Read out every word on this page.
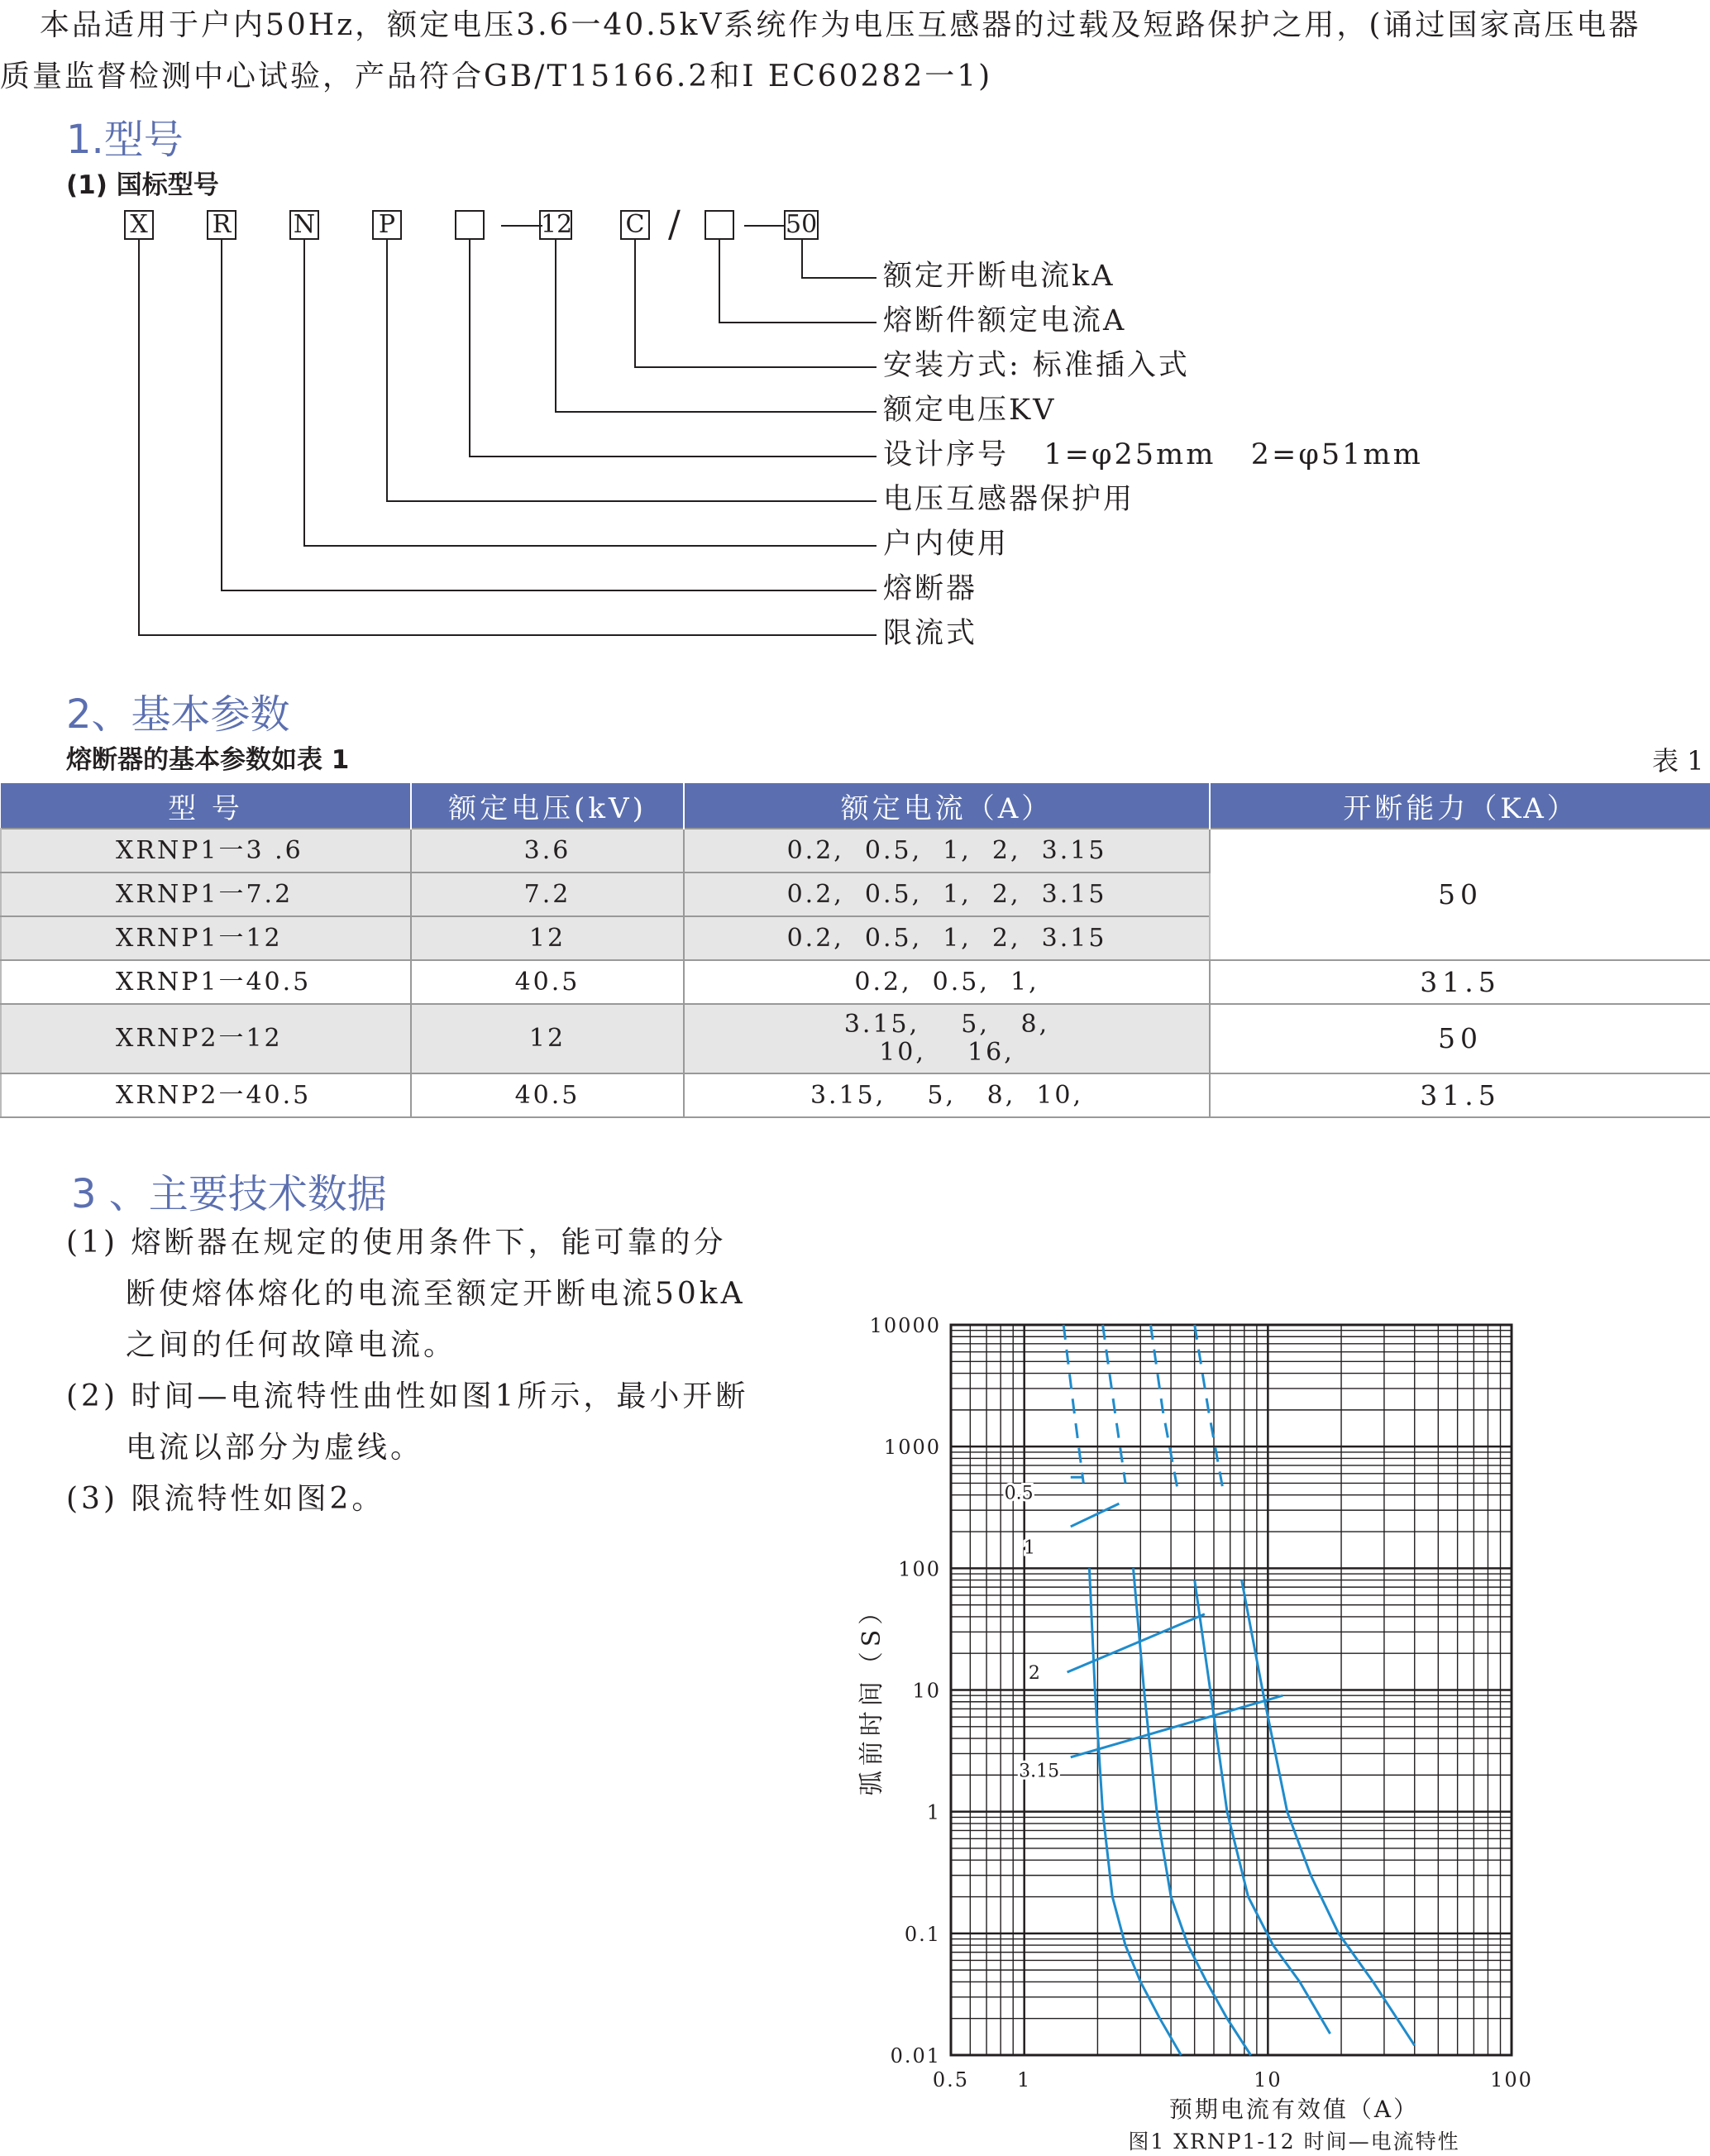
本品适用于户内50Hz，额定电压3.6一40.5kV系统作为电压互感器的过载及短路保护之用，(诵过国家高压电器

质量监督检测中心试验，产品符合GB/T15166.2和I EC60282一1)

1.型号
(1) 国标型号
X	R	N	P	12 C /	50
额定开断电流kA
熔断件额定电流A
安装方式: 标准插入式
额定电压KV
设计序号   1=φ25mm   2=φ51mm
电压互感器保护用
户内使用
熔断器
限流式
2、基本参数
熔断器的基本参数如表 1	表 1
型 号	额定电压(kV)	额定电流（A）	开断能力（KA）
XRNP1一3 .6	3.6	0.2,  0.5,  1,  2,  3.15	50
XRNP1一7.2	7.2	0.2,  0.5,  1,  2,  3.15	
XRNP1一12	12	0.2,  0.5,  1,  2,  3.15	
XRNP1一40.5	40.5	0.2,  0.5,  1,	31.5
XRNP2一12	12	3.15,    5,   8,
10,    16,	50
XRNP2一40.5	40.5	3.15,    5,   8,  10,	31.5
3 、主要技术数据

(1) 熔断器在规定的使用条件下，能可靠的分

断使熔体熔化的电流至额定开断电流50kA

之间的任何故障电流。

(2) 时间—电流特性曲性如图1所示，最小开断

电流以部分为虚线。

(3) 限流特性如图2。

10000
1000
100
10
1
0.1
0.01
0.5 1	10	100
0.5
1
2
3.15
弧前时间（S）
预期电流有效值（A）
图1 XRNP1-12 时间—电流特性
